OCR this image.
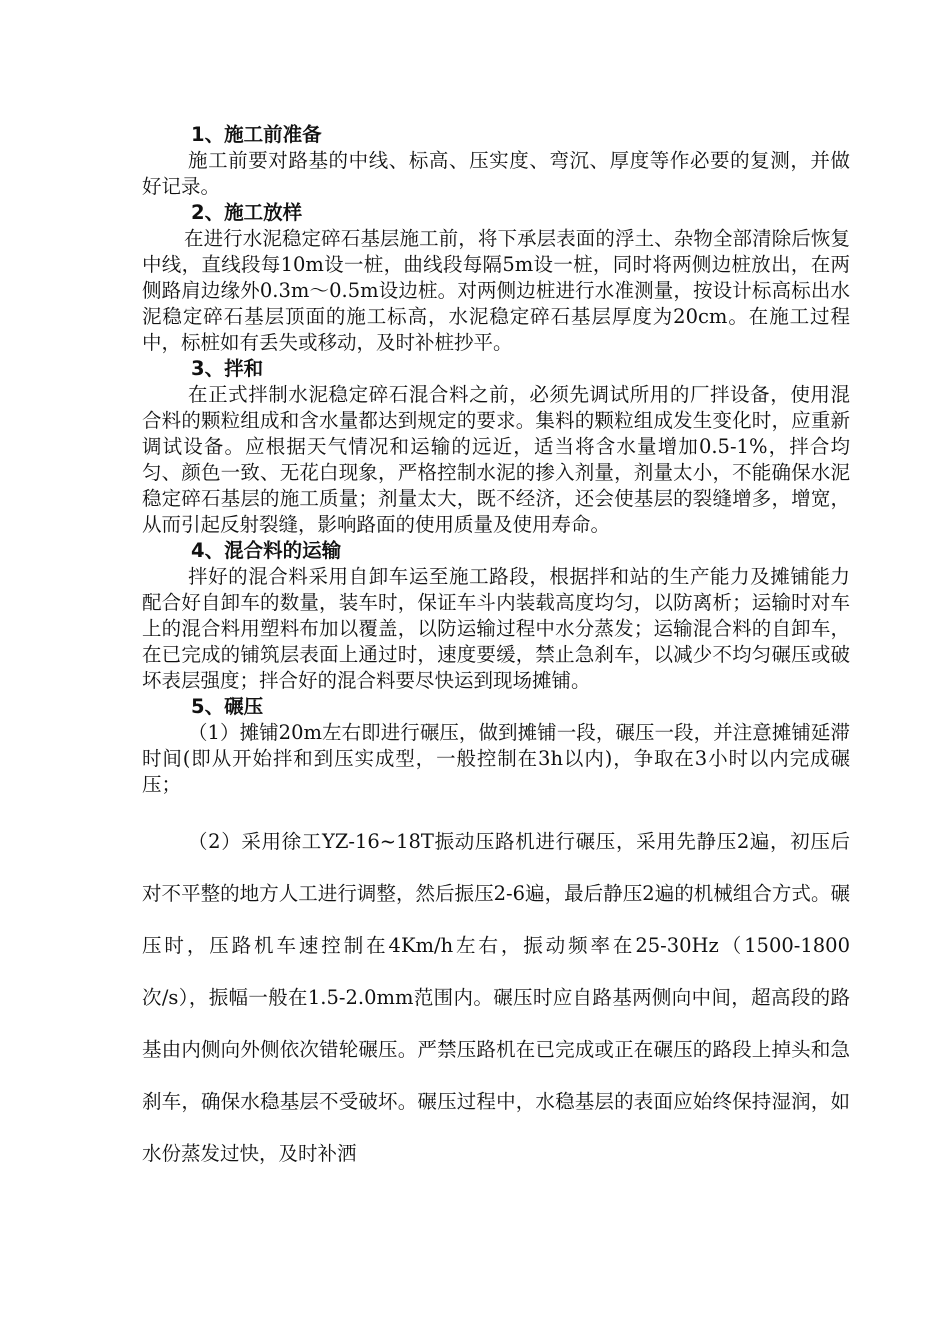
1、施工前准备

施工前要对路基的中线、标高、压实度、弯沉、厚度等作必要的复测，并做好记录。

2、施工放样

在进行水泥稳定碎石基层施工前，将下承层表面的浮土、杂物全部清除后恢复中线，直线段每10m设一桩，曲线段每隔5m设一桩，同时将两侧边桩放出，在两侧路肩边缘外0.3m～0.5m设边桩。对两侧边桩进行水准测量，按设计标高标出水泥稳定碎石基层顶面的施工标高，水泥稳定碎石基层厚度为20cm。在施工过程中，标桩如有丢失或移动，及时补桩抄平。

3、拌和

在正式拌制水泥稳定碎石混合料之前，必须先调试所用的厂拌设备，使用混合料的颗粒组成和含水量都达到规定的要求。集料的颗粒组成发生变化时，应重新调试设备。应根据天气情况和运输的远近，适当将含水量增加0.5-1%，拌合均匀、颜色一致、无花白现象，严格控制水泥的掺入剂量，剂量太小，不能确保水泥稳定碎石基层的施工质量；剂量太大，既不经济，还会使基层的裂缝增多，增宽，从而引起反射裂缝，影响路面的使用质量及使用寿命。

4、混合料的运输

拌好的混合料采用自卸车运至施工路段，根据拌和站的生产能力及摊铺能力配合好自卸车的数量，装车时，保证车斗内装载高度均匀，以防离析；运输时对车上的混合料用塑料布加以覆盖，以防运输过程中水分蒸发；运输混合料的自卸车，在已完成的铺筑层表面上通过时，速度要缓，禁止急刹车，以减少不均匀碾压或破坏表层强度；拌合好的混合料要尽快运到现场摊铺。

5、碾压

（1）摊铺20m左右即进行碾压，做到摊铺一段，碾压一段，并注意摊铺延滞时间(即从开始拌和到压实成型，一般控制在3h以内)，争取在3小时以内完成碾压；

（2）采用徐工YZ-16~18T振动压路机进行碾压，采用先静压2遍，初压后对不平整的地方人工进行调整，然后振压2-6遍，最后静压2遍的机械组合方式。碾压时，压路机车速控制在4Km/h左右，振动频率在25-30Hz（1500-1800次/s），振幅一般在1.5-2.0mm范围内。碾压时应自路基两侧向中间，超高段的路基由内侧向外侧依次错轮碾压。严禁压路机在已完成或正在碾压的路段上掉头和急刹车，确保水稳基层不受破坏。碾压过程中，水稳基层的表面应始终保持湿润，如水份蒸发过快，及时补洒
